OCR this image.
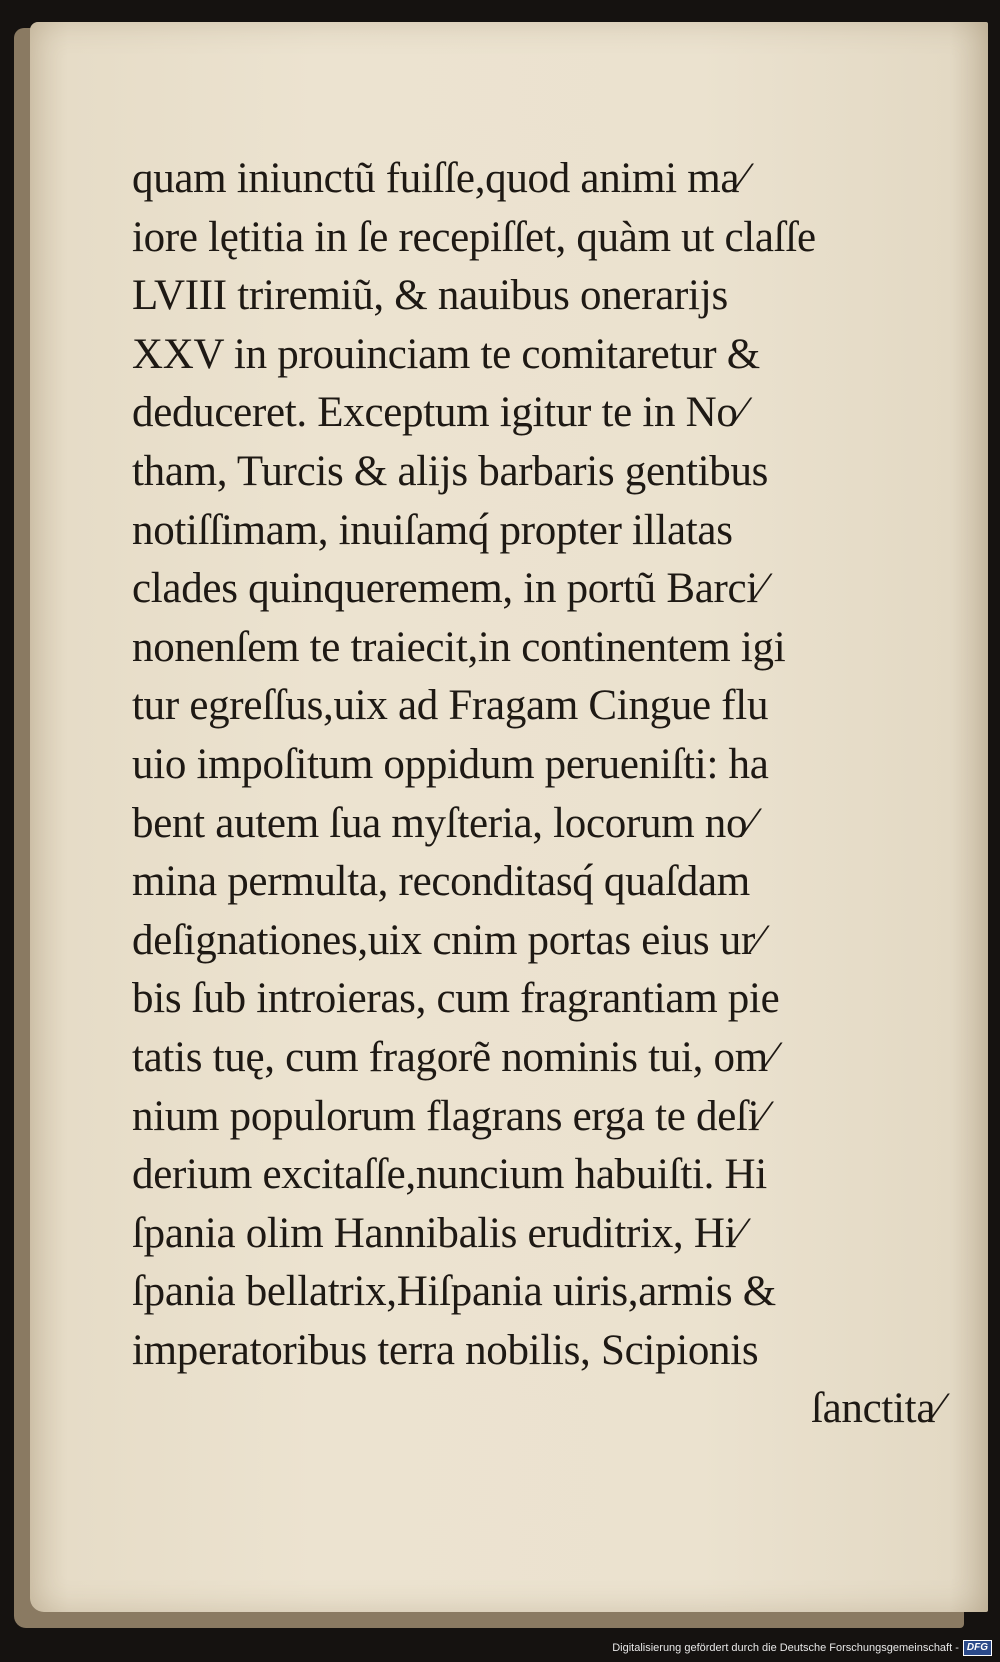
quam iniunctũ fuiſſe,quod animi ma⁄
iore lętitia in ſe recepiſſet, quàm ut claſſe
LVIII triremiũ, & nauibus onerarĳs
XXV in prouinciam te comitaretur &
deduceret. Exceptum igitur te in No⁄
tham, Turcis & alĳs barbaris gentibus
notiſſimam, inuiſamq́ propter illatas
clades quinqueremem, in portũ Barci⁄
nonenſem te traiecit,in continentem igi
tur egreſſus,uix ad Fragam Cingue flu
uio impoſitum oppidum perueniſti: ha
bent autem ſua myſteria, locorum no⁄
mina permulta, reconditasq́ quaſdam
deſignationes,uix cnim portas eius ur⁄
bis ſub introieras, cum fragrantiam pie
tatis tuę, cum fragorẽ nominis tui, om⁄
nium populorum flagrans erga te deſi⁄
derium excitaſſe,nuncium habuiſti. Hi
ſpania olim Hannibalis eruditrix, Hi⁄
ſpania bellatrix,Hiſpania uiris,armis &
imperatoribus terra nobilis, Scipionis
ſanctita⁄
Digitalisierung gefördert durch die Deutsche Forschungsgemeinschaft - DFG
